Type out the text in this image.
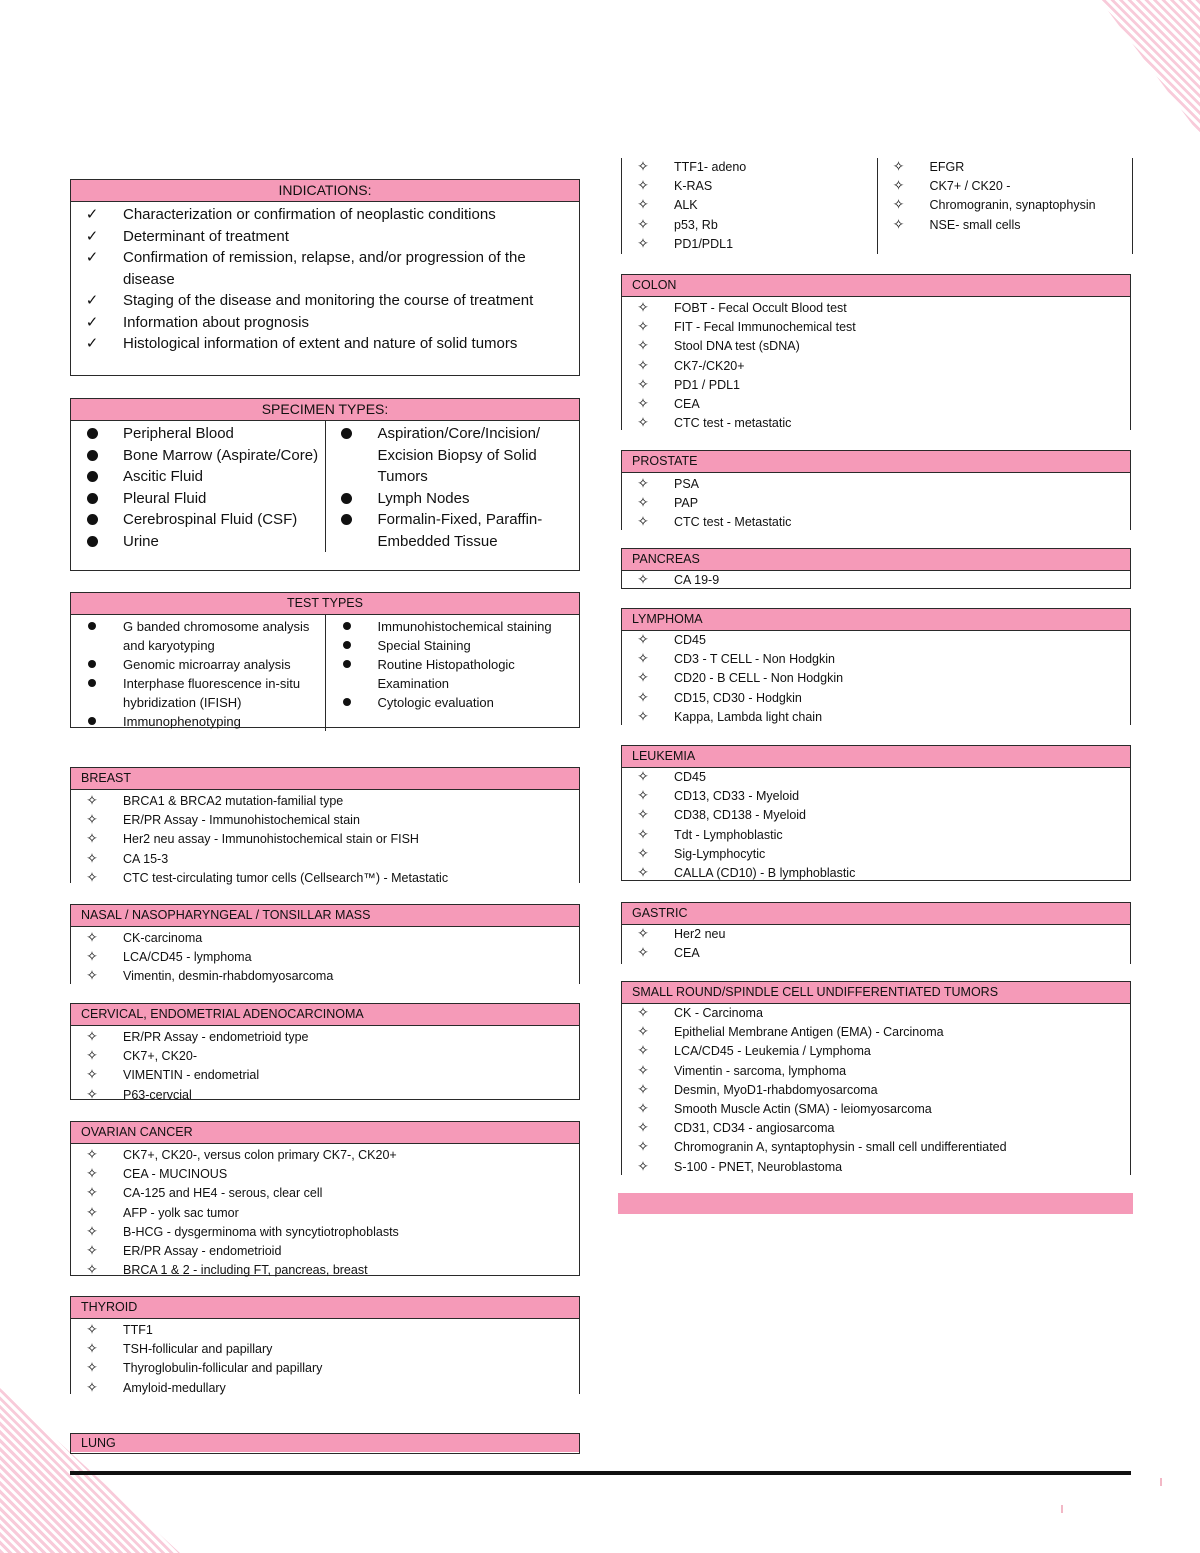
INDICATIONS:
✓ Characterization or confirmation of neoplastic conditions
✓ Determinant of treatment
✓ Confirmation of remission, relapse, and/or progression of the disease
✓ Staging of the disease and monitoring the course of treatment
✓ Information about prognosis
✓ Histological information of extent and nature of solid tumors
SPECIMEN TYPES:
Peripheral Blood
Bone Marrow (Aspirate/Core)
Ascitic Fluid
Pleural Fluid
Cerebrospinal Fluid (CSF)
Urine
Aspiration/Core/Incision/ Excision Biopsy of Solid Tumors
Lymph Nodes
Formalin-Fixed, Paraffin-Embedded Tissue
TEST TYPES
G banded chromosome analysis and karyotyping
Genomic microarray analysis
Interphase fluorescence in-situ hybridization (IFISH)
Immunophenotyping
Immunohistochemical staining
Special Staining
Routine Histopathologic Examination
Cytologic evaluation
BREAST
✧ BRCA1 & BRCA2 mutation-familial type
✧ ER/PR Assay - Immunohistochemical stain
✧ Her2 neu assay - Immunohistochemical stain or FISH
✧ CA 15-3
✧ CTC test-circulating tumor cells (Cellsearch™) - Metastatic
NASAL / NASOPHARYNGEAL / TONSILLAR MASS
✧ CK-carcinoma
✧ LCA/CD45 - lymphoma
✧ Vimentin, desmin-rhabdomyosarcoma
CERVICAL, ENDOMETRIAL ADENOCARCINOMA
✧ ER/PR Assay - endometrioid type
✧ CK7+, CK20-
✧ VIMENTIN - endometrial
✧ P63-cervcial
OVARIAN CANCER
✧ CK7+, CK20-, versus colon primary CK7-, CK20+
✧ CEA - MUCINOUS
✧ CA-125 and HE4 - serous, clear cell
✧ AFP - yolk sac tumor
✧ B-HCG - dysgerminoma with syncytiotrophoblasts
✧ ER/PR Assay - endometrioid
✧ BRCA 1 & 2 - including FT, pancreas, breast
THYROID
✧ TTF1
✧ TSH-follicular and papillary
✧ Thyroglobulin-follicular and papillary
✧ Amyloid-medullary
LUNG
✧ TTF1- adeno
✧ K-RAS
✧ ALK
✧ p53, Rb
✧ PD1/PDL1
✧ EFGR
✧ CK7+ / CK20 -
✧ Chromogranin, synaptophysin
✧ NSE- small cells
COLON
✧ FOBT - Fecal Occult Blood test
✧ FIT - Fecal Immunochemical test
✧ Stool DNA test (sDNA)
✧ CK7-/CK20+
✧ PD1 / PDL1
✧ CEA
✧ CTC test - metastatic
PROSTATE
✧ PSA
✧ PAP
✧ CTC test - Metastatic
PANCREAS
✧ CA 19-9
LYMPHOMA
✧ CD45
✧ CD3 - T CELL - Non Hodgkin
✧ CD20 - B CELL - Non Hodgkin
✧ CD15, CD30 - Hodgkin
✧ Kappa, Lambda light chain
LEUKEMIA
✧ CD45
✧ CD13, CD33 - Myeloid
✧ CD38, CD138 - Myeloid
✧ Tdt - Lymphoblastic
✧ Sig-Lymphocytic
✧ CALLA (CD10) - B lymphoblastic
GASTRIC
✧ Her2 neu
✧ CEA
SMALL ROUND/SPINDLE CELL UNDIFFERENTIATED TUMORS
✧ CK - Carcinoma
✧ Epithelial Membrane Antigen (EMA) - Carcinoma
✧ LCA/CD45 - Leukemia / Lymphoma
✧ Vimentin - sarcoma, lymphoma
✧ Desmin, MyoD1-rhabdomyosarcoma
✧ Smooth Muscle Actin (SMA) - leiomyosarcoma
✧ CD31, CD34 - angiosarcoma
✧ Chromogranin A, syntaptophysin - small cell undifferentiated
✧ S-100 - PNET, Neuroblastoma
